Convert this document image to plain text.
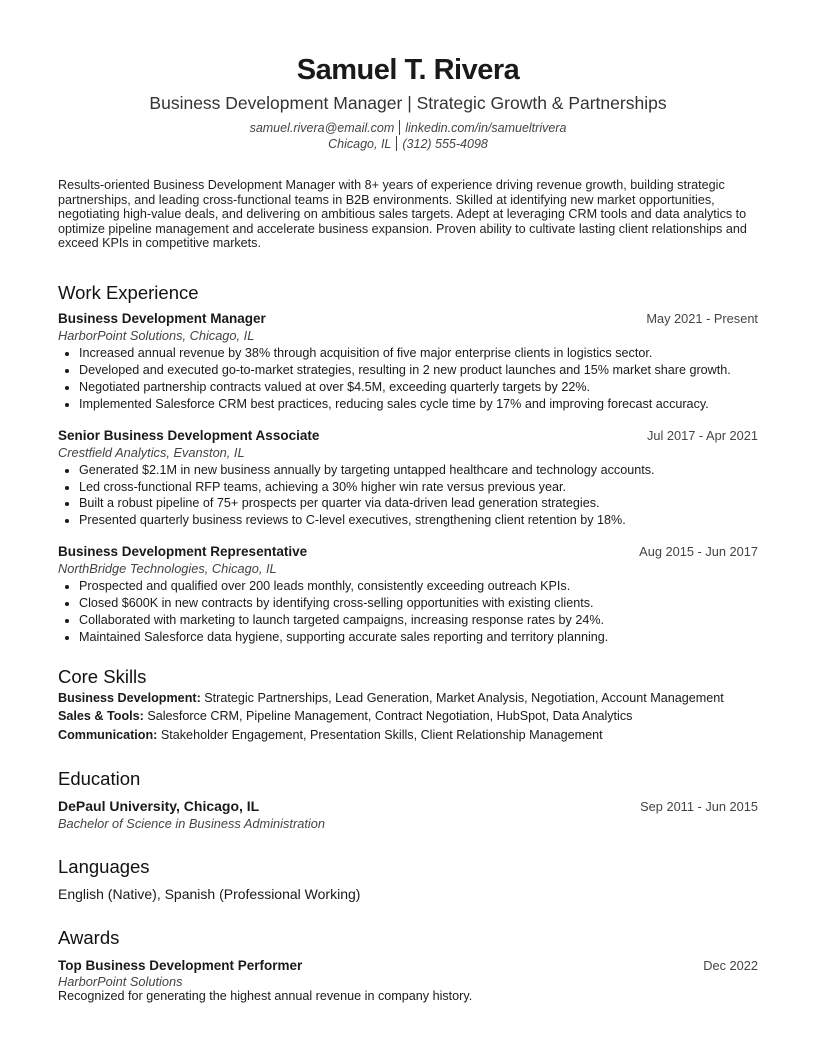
Samuel T. Rivera
Business Development Manager | Strategic Growth & Partnerships
samuel.rivera@email.com linkedin.com/in/samueltrivera
Chicago, IL (312) 555-4098
Results-oriented Business Development Manager with 8+ years of experience driving revenue growth, building strategic partnerships, and leading cross-functional teams in B2B environments. Skilled at identifying new market opportunities, negotiating high-value deals, and delivering on ambitious sales targets. Adept at leveraging CRM tools and data analytics to optimize pipeline management and accelerate business expansion. Proven ability to cultivate lasting client relationships and exceed KPIs in competitive markets.
Work Experience
Business Development Manager	May 2021 - Present
HarborPoint Solutions, Chicago, IL
• Increased annual revenue by 38% through acquisition of five major enterprise clients in logistics sector.
• Developed and executed go-to-market strategies, resulting in 2 new product launches and 15% market share growth.
• Negotiated partnership contracts valued at over $4.5M, exceeding quarterly targets by 22%.
• Implemented Salesforce CRM best practices, reducing sales cycle time by 17% and improving forecast accuracy.
Senior Business Development Associate	Jul 2017 - Apr 2021
Crestfield Analytics, Evanston, IL
• Generated $2.1M in new business annually by targeting untapped healthcare and technology accounts.
• Led cross-functional RFP teams, achieving a 30% higher win rate versus previous year.
• Built a robust pipeline of 75+ prospects per quarter via data-driven lead generation strategies.
• Presented quarterly business reviews to C-level executives, strengthening client retention by 18%.
Business Development Representative	Aug 2015 - Jun 2017
NorthBridge Technologies, Chicago, IL
• Prospected and qualified over 200 leads monthly, consistently exceeding outreach KPIs.
• Closed $600K in new contracts by identifying cross-selling opportunities with existing clients.
• Collaborated with marketing to launch targeted campaigns, increasing response rates by 24%.
• Maintained Salesforce data hygiene, supporting accurate sales reporting and territory planning.
Core Skills
Business Development: Strategic Partnerships, Lead Generation, Market Analysis, Negotiation, Account Management
Sales & Tools: Salesforce CRM, Pipeline Management, Contract Negotiation, HubSpot, Data Analytics
Communication: Stakeholder Engagement, Presentation Skills, Client Relationship Management
Education
DePaul University, Chicago, IL	Sep 2011 - Jun 2015
Bachelor of Science in Business Administration
Languages
English (Native), Spanish (Professional Working)
Awards
Top Business Development Performer	Dec 2022
HarborPoint Solutions
Recognized for generating the highest annual revenue in company history.
